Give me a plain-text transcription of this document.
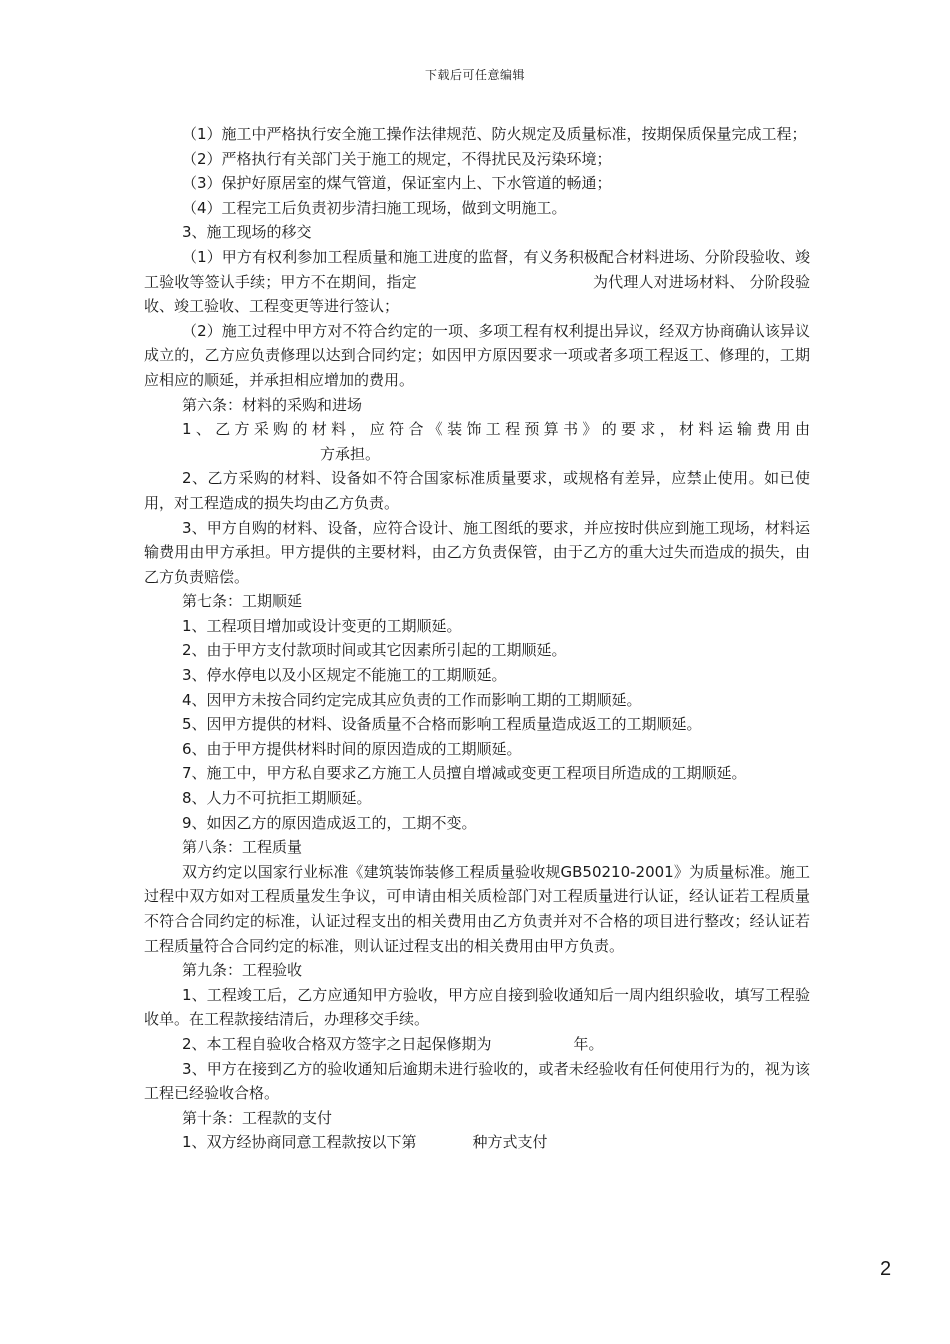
下载后可任意编辑

（1）施工中严格执行安全施工操作法律规范、防火规定及质量标准，按期保质保量完成工程；

（2）严格执行有关部门关于施工的规定，不得扰民及污染环境；

（3）保护好原居室的煤气管道，保证室内上、下水管道的畅通；

（4）工程完工后负责初步清扫施工现场，做到文明施工。

3、施工现场的移交

（1）甲方有权利参加工程质量和施工进度的监督，有义务积极配合材料进场、分阶段验收、竣工验收等签认手续；甲方不在期间，指定	为代理人对进场材料、 分阶段验收、竣工验收、工程变更等进行签认；

（2）施工过程中甲方对不符合约定的一项、多项工程有权利提出异议，经双方协商确认该异议成立的，乙方应负责修理以达到合同约定；如因甲方原因要求一项或者多项工程返工、修理的，工期应相应的顺延，并承担相应增加的费用。

第六条：材料的采购和进场

1、乙方采购的材料，应符合《装饰工程预算书》的要求，材料运输费用由方承担。

2、乙方采购的材料、设备如不符合国家标准质量要求，或规格有差异，应禁止使用。如已使用，对工程造成的损失均由乙方负责。

3、甲方自购的材料、设备，应符合设计、施工图纸的要求，并应按时供应到施工现场，材料运输费用由甲方承担。甲方提供的主要材料，由乙方负责保管，由于乙方的重大过失而造成的损失，由乙方负责赔偿。

第七条：工期顺延

1、工程项目增加或设计变更的工期顺延。

2、由于甲方支付款项时间或其它因素所引起的工期顺延。

3、停水停电以及小区规定不能施工的工期顺延。

4、因甲方未按合同约定完成其应负责的工作而影响工期的工期顺延。

5、因甲方提供的材料、设备质量不合格而影响工程质量造成返工的工期顺延。

6、由于甲方提供材料时间的原因造成的工期顺延。

7、施工中，甲方私自要求乙方施工人员擅自增减或变更工程项目所造成的工期顺延。

8、人力不可抗拒工期顺延。

9、如因乙方的原因造成返工的，工期不变。

第八条：工程质量

双方约定以国家行业标准《建筑装饰装修工程质量验收规GB50210-2001》为质量标准。施工过程中双方如对工程质量发生争议，可申请由相关质检部门对工程质量进行认证，经认证若工程质量不符合合同约定的标准，认证过程支出的相关费用由乙方负责并对不合格的项目进行整改；经认证若工程质量符合合同约定的标准，则认证过程支出的相关费用由甲方负责。

第九条：工程验收

1、工程竣工后，乙方应通知甲方验收，甲方应自接到验收通知后一周内组织验收，填写工程验收单。在工程款接结清后，办理移交手续。

2、本工程自验收合格双方签字之日起保修期为	年。

3、甲方在接到乙方的验收通知后逾期未进行验收的，或者未经验收有任何使用行为的，视为该工程已经验收合格。

第十条：工程款的支付

1、双方经协商同意工程款按以下第	种方式支付

2
